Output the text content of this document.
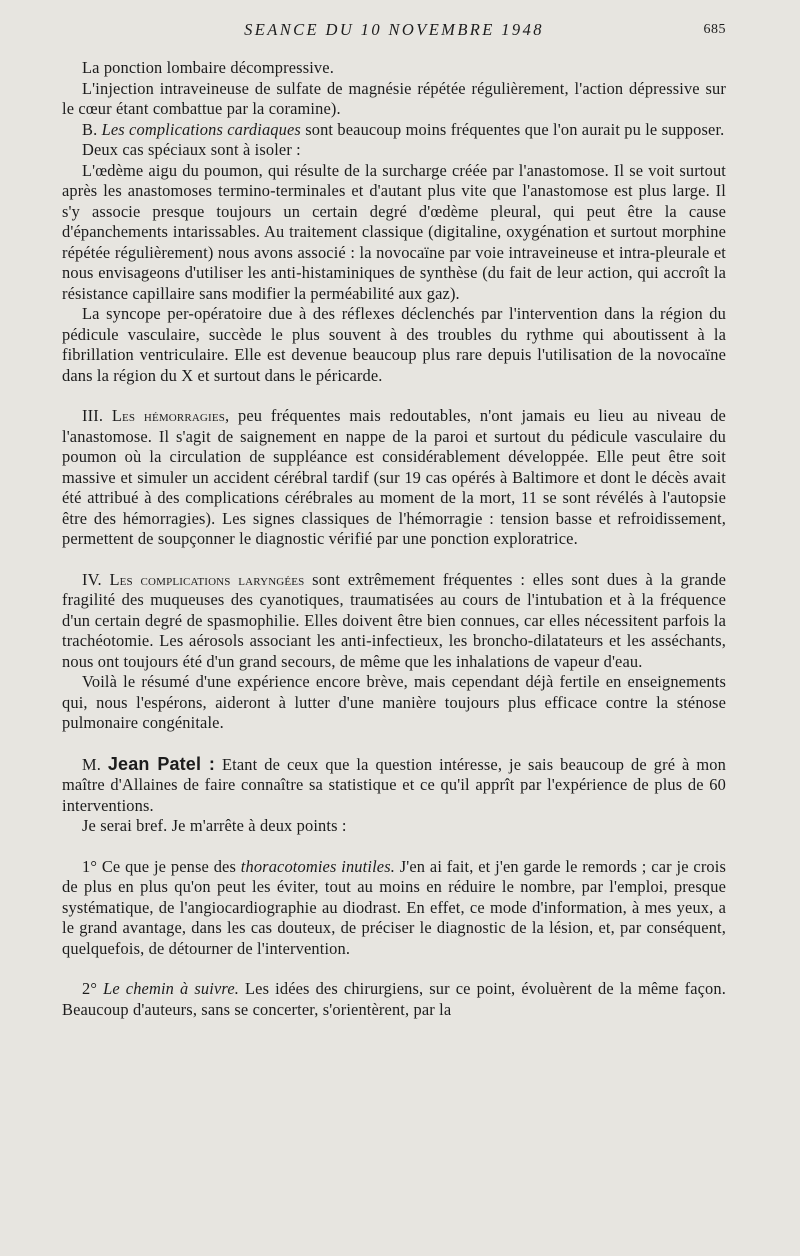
SEANCE DU 10 NOVEMBRE 1948	685

La ponction lombaire décompressive.

L'injection intraveineuse de sulfate de magnésie répétée régulièrement, l'action dépressive sur le cœur étant combattue par la coramine).

B. Les complications cardiaques sont beaucoup moins fréquentes que l'on aurait pu le supposer.

Deux cas spéciaux sont à isoler :

L'œdème aigu du poumon, qui résulte de la surcharge créée par l'anastomose. Il se voit surtout après les anastomoses termino-terminales et d'autant plus vite que l'anastomose est plus large. Il s'y associe presque toujours un certain degré d'œdème pleural, qui peut être la cause d'épanchements intarissables. Au traitement classique (digitaline, oxygénation et surtout morphine répétée régulièrement) nous avons associé : la novocaïne par voie intraveineuse et intra-pleurale et nous envisageons d'utiliser les anti-histaminiques de synthèse (du fait de leur action, qui accroît la résistance capillaire sans modifier la perméabilité aux gaz).

La syncope per-opératoire due à des réflexes déclenchés par l'intervention dans la région du pédicule vasculaire, succède le plus souvent à des troubles du rythme qui aboutissent à la fibrillation ventriculaire. Elle est devenue beaucoup plus rare depuis l'utilisation de la novocaïne dans la région du X et surtout dans le péricarde.

III. Les hémorragies, peu fréquentes mais redoutables, n'ont jamais eu lieu au niveau de l'anastomose. Il s'agit de saignement en nappe de la paroi et surtout du pédicule vasculaire du poumon où la circulation de suppléance est considérablement développée. Elle peut être soit massive et simuler un accident cérébral tardif (sur 19 cas opérés à Baltimore et dont le décès avait été attribué à des complications cérébrales au moment de la mort, 11 se sont révélés à l'autopsie être des hémorragies). Les signes classiques de l'hémorragie : tension basse et refroidissement, permettent de soupçonner le diagnostic vérifié par une ponction exploratrice.

IV. Les complications laryngées sont extrêmement fréquentes : elles sont dues à la grande fragilité des muqueuses des cyanotiques, traumatisées au cours de l'intubation et à la fréquence d'un certain degré de spasmophilie. Elles doivent être bien connues, car elles nécessitent parfois la trachéotomie. Les aérosols associant les anti-infectieux, les broncho-dilatateurs et les asséchants, nous ont toujours été d'un grand secours, de même que les inhalations de vapeur d'eau.

Voilà le résumé d'une expérience encore brève, mais cependant déjà fertile en enseignements qui, nous l'espérons, aideront à lutter d'une manière toujours plus efficace contre la sténose pulmonaire congénitale.

M. Jean Patel : Etant de ceux que la question intéresse, je sais beaucoup de gré à mon maître d'Allaines de faire connaître sa statistique et ce qu'il apprît par l'expérience de plus de 60 interventions.

Je serai bref. Je m'arrête à deux points :

1° Ce que je pense des thoracotomies inutiles. J'en ai fait, et j'en garde le remords ; car je crois de plus en plus qu'on peut les éviter, tout au moins en réduire le nombre, par l'emploi, presque systématique, de l'angiocardiographie au diodrast. En effet, ce mode d'information, à mes yeux, a le grand avantage, dans les cas douteux, de préciser le diagnostic de la lésion, et, par conséquent, quelquefois, de détourner de l'intervention.

2° Le chemin à suivre. Les idées des chirurgiens, sur ce point, évoluèrent de la même façon. Beaucoup d'auteurs, sans se concerter, s'orientèrent, par la
